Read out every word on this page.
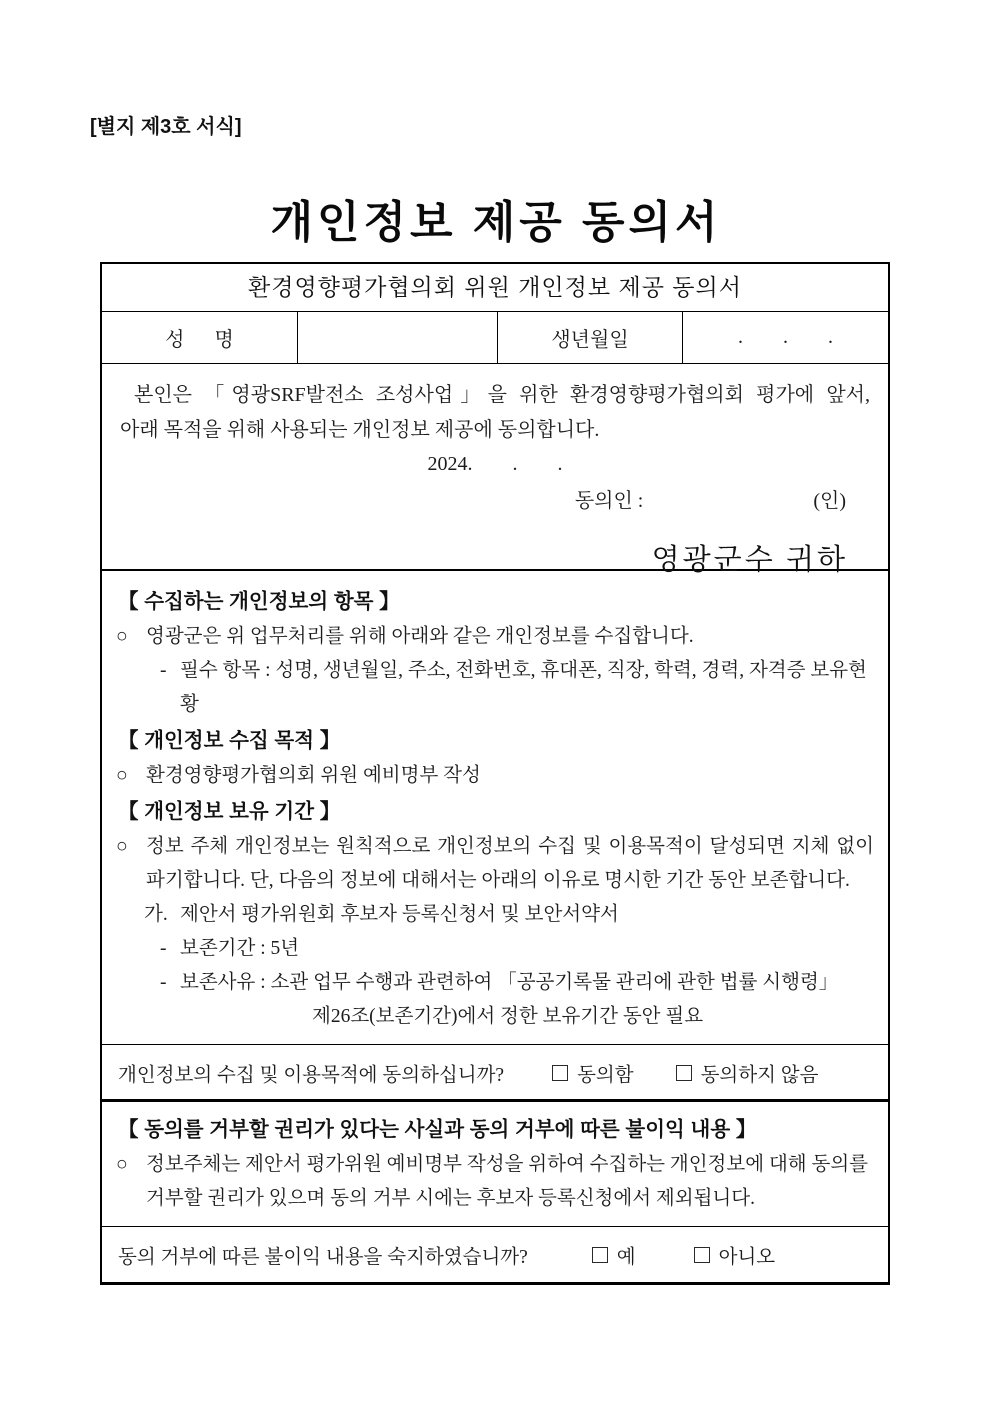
[별지 제3호 서식]
개인정보 제공 동의서
환경영향평가협의회 위원 개인정보 제공 동의서
성      명	생년월일	.        .        .
본인은 「영광SRF발전소 조성사업」을 위한 환경영향평가협의회 평가에 앞서,
아래 목적을 위해 사용되는 개인정보 제공에 동의합니다.
2024.        .        .
동의인 :	(인)
영광군수 귀하
【 수집하는 개인정보의 항목 】
○ 영광군은 위 업무처리를 위해 아래와 같은 개인정보를 수집합니다.
- 필수 항목 : 성명, 생년월일, 주소, 전화번호, 휴대폰, 직장, 학력, 경력, 자격증 보유현황
【 개인정보 수집 목적 】
○ 환경영향평가협의회 위원 예비명부 작성
【 개인정보 보유 기간 】
○ 정보 주체 개인정보는 원칙적으로 개인정보의 수집 및 이용목적이 달성되면 지체 없이 파기합니다. 단, 다음의 정보에 대해서는 아래의 이유로 명시한 기간 동안 보존합니다.
가. 제안서 평가위원회 후보자 등록신청서 및 보안서약서
- 보존기간 : 5년
- 보존사유 : 소관 업무 수행과 관련하여 「공공기록물 관리에 관한 법률 시행령」
제26조(보존기간)에서 정한 보유기간 동안 필요
개인정보의 수집 및 이용목적에 동의하십니까?	동의함	동의하지 않음
【 동의를 거부할 권리가 있다는 사실과 동의 거부에 따른 불이익 내용 】
○ 정보주체는 제안서 평가위원 예비명부 작성을 위하여 수집하는 개인정보에 대해 동의를 거부할 권리가 있으며 동의 거부 시에는 후보자 등록신청에서 제외됩니다.
동의 거부에 따른 불이익 내용을 숙지하였습니까?	예	아니오
